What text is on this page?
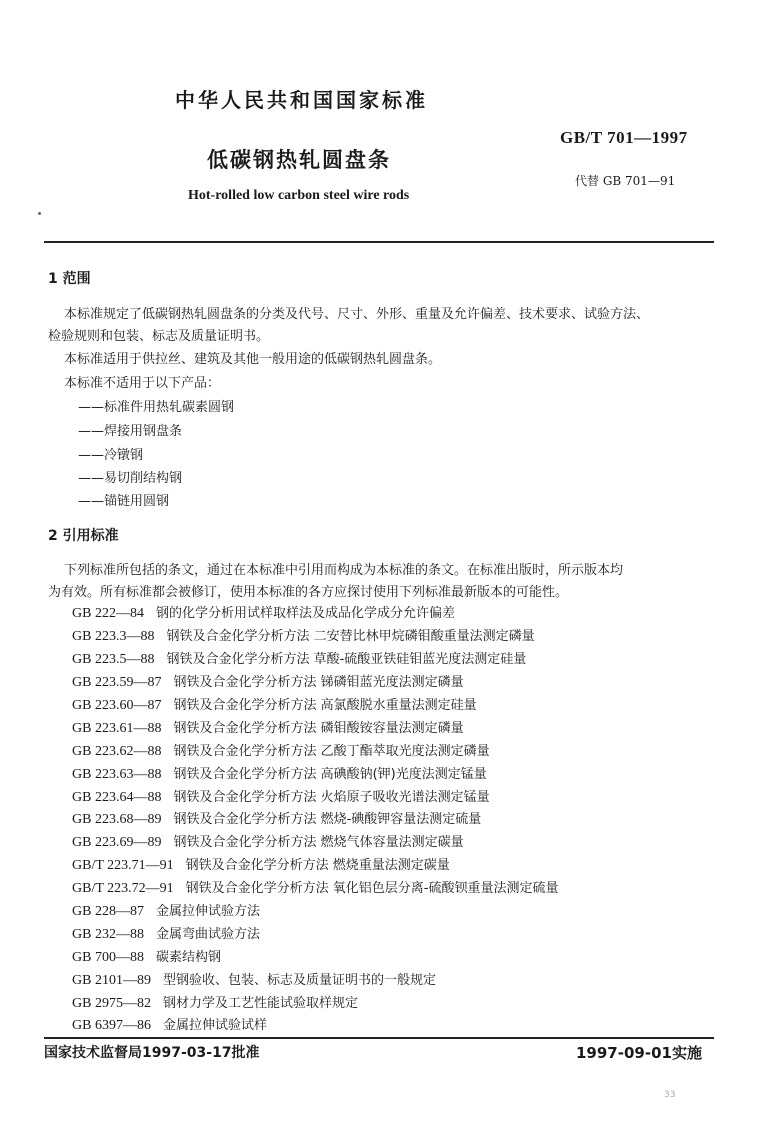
中华人民共和国国家标准
GB/T 701—1997
低碳钢热轧圆盘条
代替 GB 701—91
Hot-rolled low carbon steel wire rods
1 范围
本标准规定了低碳钢热轧圆盘条的分类及代号、尺寸、外形、重量及允许偏差、技术要求、试验方法、
检验规则和包装、标志及质量证明书。
本标准适用于供拉丝、建筑及其他一般用途的低碳钢热轧圆盘条。
本标准不适用于以下产品：
——标准件用热轧碳素圆钢
——焊接用钢盘条
——冷镦钢
——易切削结构钢
——锚链用圆钢
2 引用标准
下列标准所包括的条文，通过在本标准中引用而构成为本标准的条文。在标准出版时，所示版本均
为有效。所有标准都会被修订，使用本标准的各方应探讨使用下列标准最新版本的可能性。
GB 222—84 钢的化学分析用试样取样法及成品化学成分允许偏差
GB 223.3—88 钢铁及合金化学分析方法 二安替比林甲烷磷钼酸重量法测定磷量
GB 223.5—88 钢铁及合金化学分析方法 草酸-硫酸亚铁硅钼蓝光度法测定硅量
GB 223.59—87 钢铁及合金化学分析方法 锑磷钼蓝光度法测定磷量
GB 223.60—87 钢铁及合金化学分析方法 高氯酸脱水重量法测定硅量
GB 223.61—88 钢铁及合金化学分析方法 磷钼酸铵容量法测定磷量
GB 223.62—88 钢铁及合金化学分析方法 乙酸丁酯萃取光度法测定磷量
GB 223.63—88 钢铁及合金化学分析方法 高碘酸钠(钾)光度法测定锰量
GB 223.64—88 钢铁及合金化学分析方法 火焰原子吸收光谱法测定锰量
GB 223.68—89 钢铁及合金化学分析方法 燃烧-碘酸钾容量法测定硫量
GB 223.69—89 钢铁及合金化学分析方法 燃烧气体容量法测定碳量
GB/T 223.71—91 钢铁及合金化学分析方法 燃烧重量法测定碳量
GB/T 223.72—91 钢铁及合金化学分析方法 氧化铝色层分离-硫酸钡重量法测定硫量
GB 228—87 金属拉伸试验方法
GB 232—88 金属弯曲试验方法
GB 700—88 碳素结构钢
GB 2101—89 型钢验收、包装、标志及质量证明书的一般规定
GB 2975—82 钢材力学及工艺性能试验取样规定
GB 6397—86 金属拉伸试验试样
国家技术监督局1997-03-17批准	1997-09-01实施
33
